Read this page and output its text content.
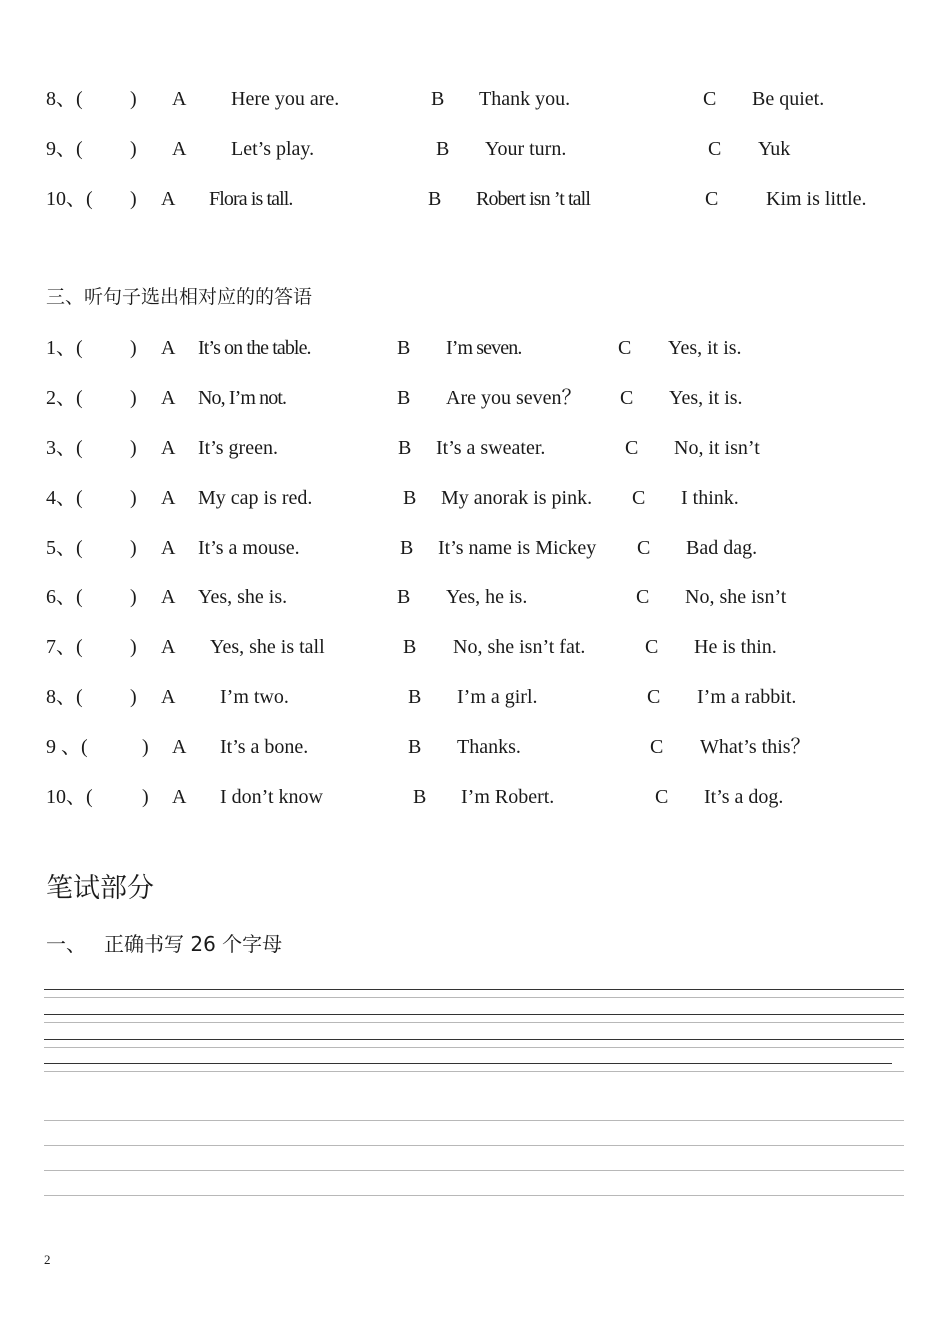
8、( ) A Here you are.	B Thank you.	C Be quiet.
9、( ) A Let’s play.	B Your turn.	C Yuk
10、( ) A Flora is tall.	B Robert isn ’t tall	C Kim is little.
三、听句子选出相对应的的答语
1、( ) A It’s on the table.	B I’m seven.	C Yes, it is.
2、( ) A No, I’m not.	B Are you seven？ C Yes, it is.
3、( ) A It’s green.	B It’s a sweater.	C No, it isn’t
4、( ) A My cap is red.	B My anorak is pink. C I think.
5、( ) A It’s a mouse.	B It’s name is Mickey C Bad dag.
6、( ) A Yes, she is.	B Yes, he is.	C No, she isn’t
7、( ) A Yes, she is tall	B No, she isn’t fat.	C He is thin.
8、( ) A I’m two.	B I’m a girl.	C I’m a rabbit.
9 、(	) A It’s a bone.	B Thanks.	C What’s this？
10、( ) A I don’t know	B I’m Robert.	C It’s a dog.
笔试部分
一、 正确书写 26 个字母
2
